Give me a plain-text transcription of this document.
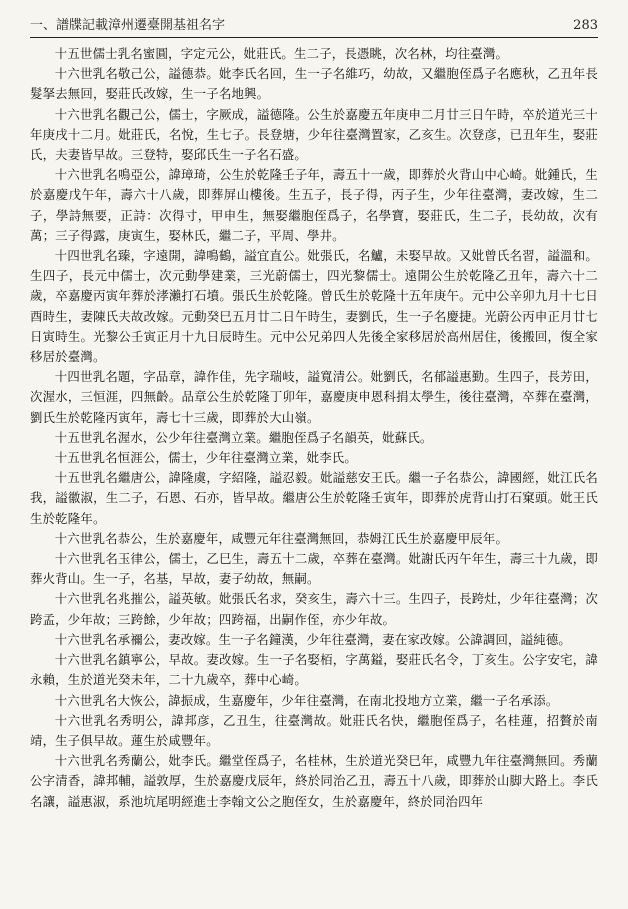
一、譜牒記載漳州遷臺開基祖名字	283

十五世儒士乳名蜜圓，字定元公，妣莊氏。生二子，長憑眺，次名林，均往臺灣。

十六世乳名敬己公，謚德恭。妣李氏名回，生一子名維巧，幼故，又繼胞侄爲子名應秋，乙丑年長髮拏去無回，娶莊氏改嫁，生一子名地興。

十六世乳名觀己公，儒士，字厥成，謚德隆。公生於嘉慶五年庚申二月廿三日午時，卒於道光三十年庚戌十二月。妣莊氏，名悅，生七子。長登塘，少年往臺灣置家，乙亥生。次登彦，已丑年生，娶莊氏，夫妻皆早故。三登特，娶邱氏生一子名石盛。

十六世乳名鳴亞公，諱璋琦，公生於乾隆壬子年，壽五十一歲，即葬於火背山中心崎。妣鍾氏，生於嘉慶戊午年，壽六十八歲，即葬屏山樓後。生五子，長子得，丙子生，少年往臺灣，妻改嫁，生二子，學詩無要，正詩：次得寸，甲申生，無娶繼胞侄爲子，名學寶，娶莊氏，生二子，長幼故，次有萬；三子得露，庚寅生，娶林氏，繼二子，平周、學井。

十四世乳名臻，字遠開，諱鳴鶴，謚宜直公。妣張氏，名鱸，未娶早故。又妣曾氏名習，謚溫和。生四子，長元中儒士，次元動學建業，三光蔚儒士，四光黎儒士。遠開公生於乾隆乙丑年，壽六十二歲，卒嘉慶丙寅年葬於涍瀨打石墳。張氏生於乾隆。曾氏生於乾隆十五年庚午。元中公辛卯九月十七日酉時生，妻陳氏夫故改嫁。元動癸巳五月廿二日午時生，妻劉氏，生一子名慶捷。光蔚公丙申正月廿七日寅時生。光黎公壬寅正月十九日辰時生。元中公兄弟四人先後全家移居於高州居住，後搬回，復全家移居於臺灣。

十四世乳名題，字品章，諱作佳，先字瑞岐，謚寬清公。妣劉氏，名郁謚惠勤。生四子，長芳田，次渥水，三恒涯，四無齡。品章公生於乾隆丁卯年，嘉慶庚申恩科捐太學生，後往臺灣，卒葬在臺灣，劉氏生於乾隆丙寅年，壽七十三歲，即葬於大山嶺。

十五世乳名渥水，公少年往臺灣立業。繼胞侄爲子名韻英，妣蘇氏。

十五世乳名恒涯公，儒士，少年往臺灣立業，妣李氏。

十五世乳名繼唐公，諱隆虞，字紹隆，謚忍毅。妣謚慈安王氏。繼一子名恭公，諱國經，妣江氏名我，謚徽淑，生二子，石恩、石亦，皆早故。繼唐公生於乾隆壬寅年，即葬於虎背山打石窠頭。妣王氏生於乾隆年。

十六世乳名恭公，生於嘉慶年，咸豐元年往臺灣無回，恭姆江氏生於嘉慶甲辰年。

十六世乳名玉律公，儒士，乙巳生，壽五十二歲，卒葬在臺灣。妣謝氏丙午年生，壽三十九歲，即葬火背山。生一子，名基，早故，妻子幼故，無嗣。

十六世乳名兆摧公，謚英敏。妣張氏名求，癸亥生，壽六十三。生四子，長跨灶，少年往臺灣；次跨孟，少年故；三跨餘，少年故；四跨福，出嗣作侄，亦少年故。

十六世乳名承禰公，妻改嫁。生一子名鐘漢，少年往臺灣，妻在家改嫁。公諱調回，謚純德。

十六世乳名鎮寧公，早故。妻改嫁。生一子名娶栢，字萬鎰，娶莊氏名令，丁亥生。公字安宅，諱永賴，生於道光癸未年，二十九歲卒，葬中心崎。

十六世乳名大恢公，諱振成，生嘉慶年，少年往臺灣，在南北投地方立業，繼一子名承添。

十六世乳名秀明公，諱邦彦，乙丑生，往臺灣故。妣莊氏名快，繼胞侄爲子，名桂蓮，招贅於南靖，生子俱早故。蓮生於咸豐年。

十六世乳名秀蘭公，妣李氏。繼堂侄爲子，名桂林，生於道光癸巳年，咸豐九年往臺灣無回。秀蘭公字清香，諱邦輔，謚敦厚，生於嘉慶戊辰年，終於同治乙丑，壽五十八歲，即葬於山脚大路上。李氏名讓，謚惠淑，系池坑尾明經進士李翰文公之胞侄女，生於嘉慶年，終於同治四年
